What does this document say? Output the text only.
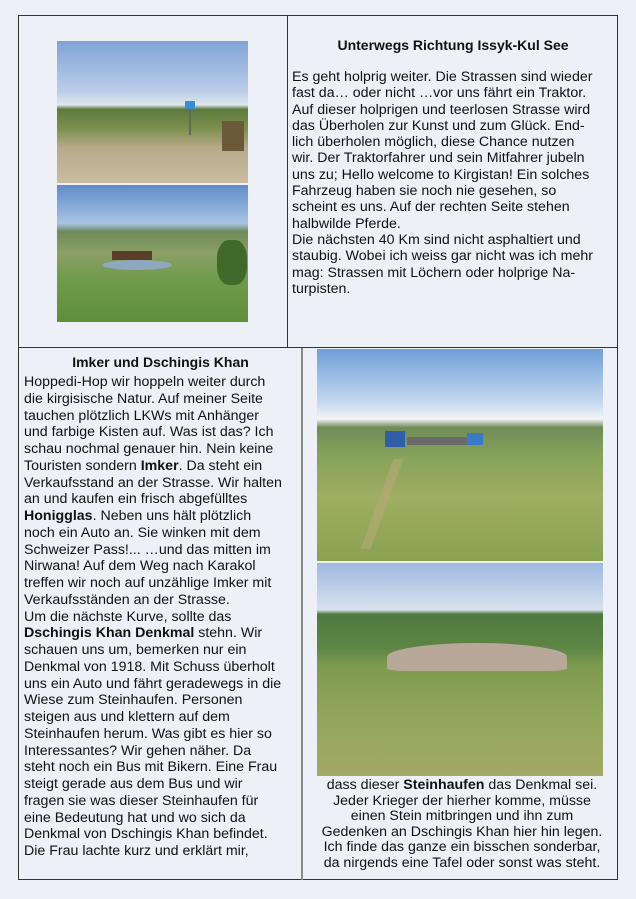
Unterwegs Richtung Issyk-Kul See
Es geht holprig weiter. Die Strassen sind wieder
fast da… oder nicht …vor uns fährt ein Traktor.
Auf dieser holprigen und teerlosen Strasse wird
das Überholen zur Kunst und zum Glück. End-
lich überholen möglich, diese Chance nutzen
wir. Der Traktorfahrer und sein Mitfahrer jubeln
uns zu; Hello welcome to Kirgistan! Ein solches
Fahrzeug haben sie noch nie gesehen, so
scheint es uns. Auf der rechten Seite stehen
halbwilde Pferde.
Die nächsten 40 Km sind nicht asphaltiert und
staubig. Wobei ich weiss gar nicht was ich mehr
mag: Strassen mit Löchern oder holprige Na-
turpisten.
Imker und Dschingis Khan
Hoppedi-Hop wir hoppeln weiter durch
die kirgisische Natur. Auf meiner Seite
tauchen plötzlich LKWs mit Anhänger
und farbige Kisten auf. Was ist das? Ich
schau nochmal genauer hin. Nein keine
Touristen sondern Imker. Da steht ein
Verkaufsstand an der Strasse. Wir halten
an und kaufen ein frisch abgefülltes
Honigglas. Neben uns hält plötzlich
noch ein Auto an. Sie winken mit dem
Schweizer Pass!... …und das mitten im
Nirwana! Auf dem Weg nach Karakol
treffen wir noch auf unzählige Imker mit
Verkaufsständen an der Strasse.
Um die nächste Kurve, sollte das
Dschingis Khan Denkmal stehn. Wir
schauen uns um, bemerken nur ein
Denkmal von 1918. Mit Schuss überholt
uns ein Auto und fährt geradewegs in die
Wiese zum Steinhaufen. Personen
steigen aus und klettern auf dem
Steinhaufen herum. Was gibt es hier so
Interessantes? Wir gehen näher. Da
steht noch ein Bus mit Bikern. Eine Frau
steigt gerade aus dem Bus und wir
fragen sie was dieser Steinhaufen für
eine Bedeutung hat und wo sich da
Denkmal von Dschingis Khan befindet.
Die Frau lachte kurz und erklärt mir,
dass dieser Steinhaufen das Denkmal sei.
Jeder Krieger der hierher komme, müsse
einen Stein mitbringen und ihn zum
Gedenken an Dschingis Khan hier hin legen.
Ich finde das ganze ein bisschen sonderbar,
da nirgends eine Tafel oder sonst was steht.
